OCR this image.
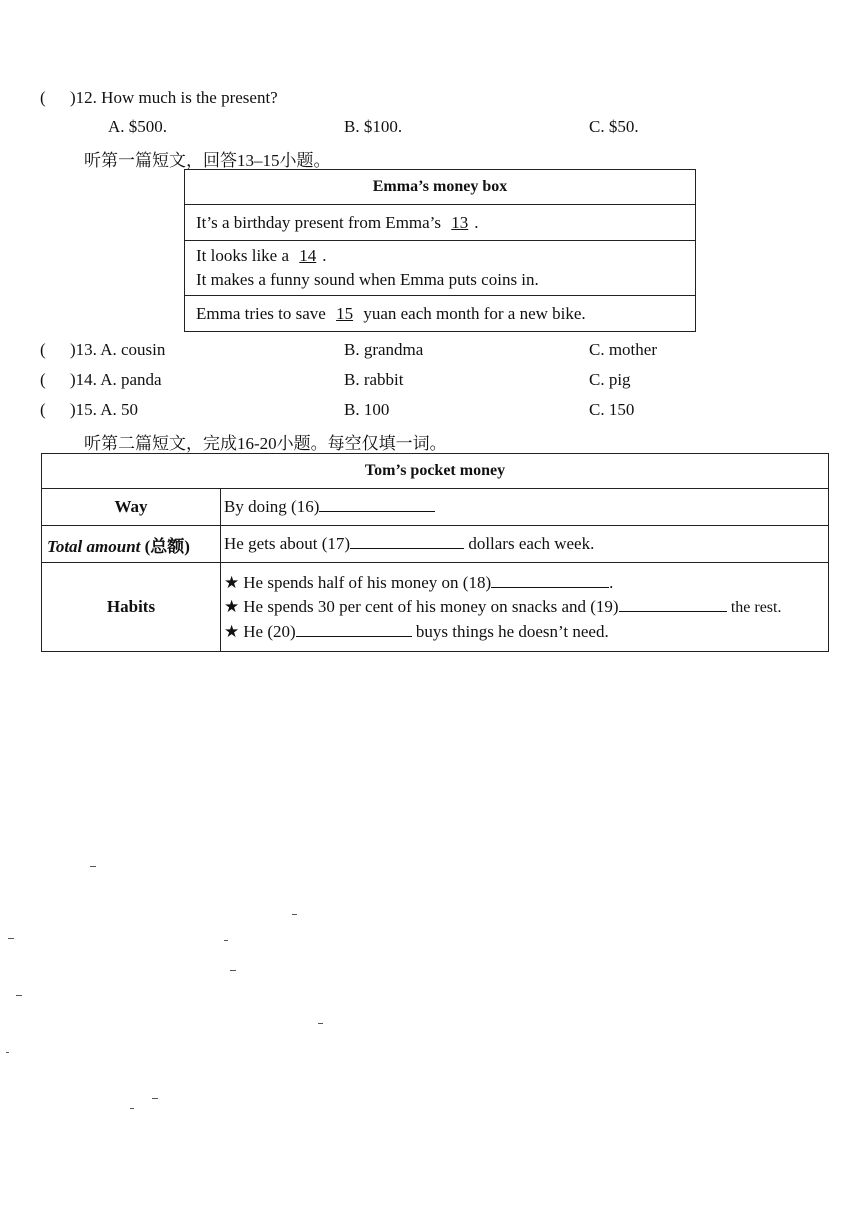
( )12. How much is the present?
A. $500.	B. $100.	C. $50.
听第一篇短文，回答13–15小题。
Emma’s money box
It’s a birthday present from Emma’s 13 .

It looks like a 14 .
It makes a funny sound when Emma puts coins in.

Emma tries to save 15 yuan each month for a new bike.
( )13. A. cousin	B. grandma	C. mother
( )14. A. panda	B. rabbit	C. pig
( )15. A. 50	B. 100	C. 150
听第二篇短文，完成16-20小题。每空仅填一词。
Tom’s pocket money	
Way	By doing (16)
Total amount (总额)	He gets about (17) dollars each week.
Habits	★ He spends half of his money on (18) .
★ He spends 30 per cent of his money on snacks and (19) the rest.
★ He (20) buys things he doesn’t need.
